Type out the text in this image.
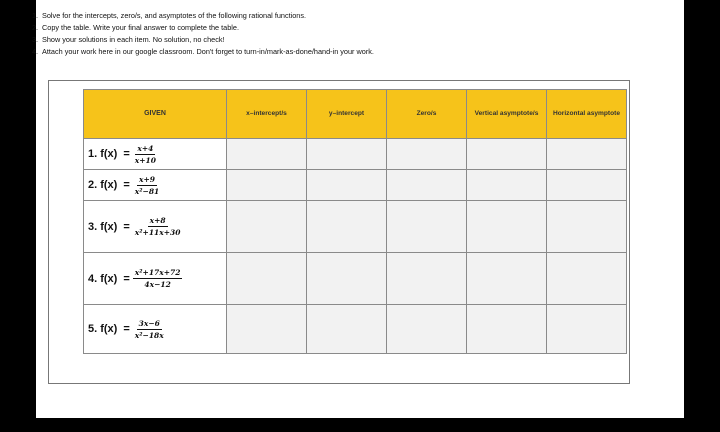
1. Solve for the intercepts, zero/s, and asymptotes of the following rational functions.
2. Copy the table. Write your final answer to complete the table.
3. Show your solutions in each item. No solution, no check!
4. Attach your work here in our google classroom. Don't forget to turn-in/mark-as-done/hand-in your work.
GIVEN	x–intercept/s	y–intercept	Zero/s	Vertical asymptote/s	Horizontal asymptote

1. $f(x) = \frac{x+4}{x+10}$

2. $f(x) = \frac{x+9}{\text{x²−81}}$

3. $f(x) = \frac{x+8}{\text{x²+11x+30}}$

4. $f(x) = \frac{\text{x²+17x+72}}{4x-12}$

5. $f(x) = \frac{3x-6}{\text{x²−18x}}$
